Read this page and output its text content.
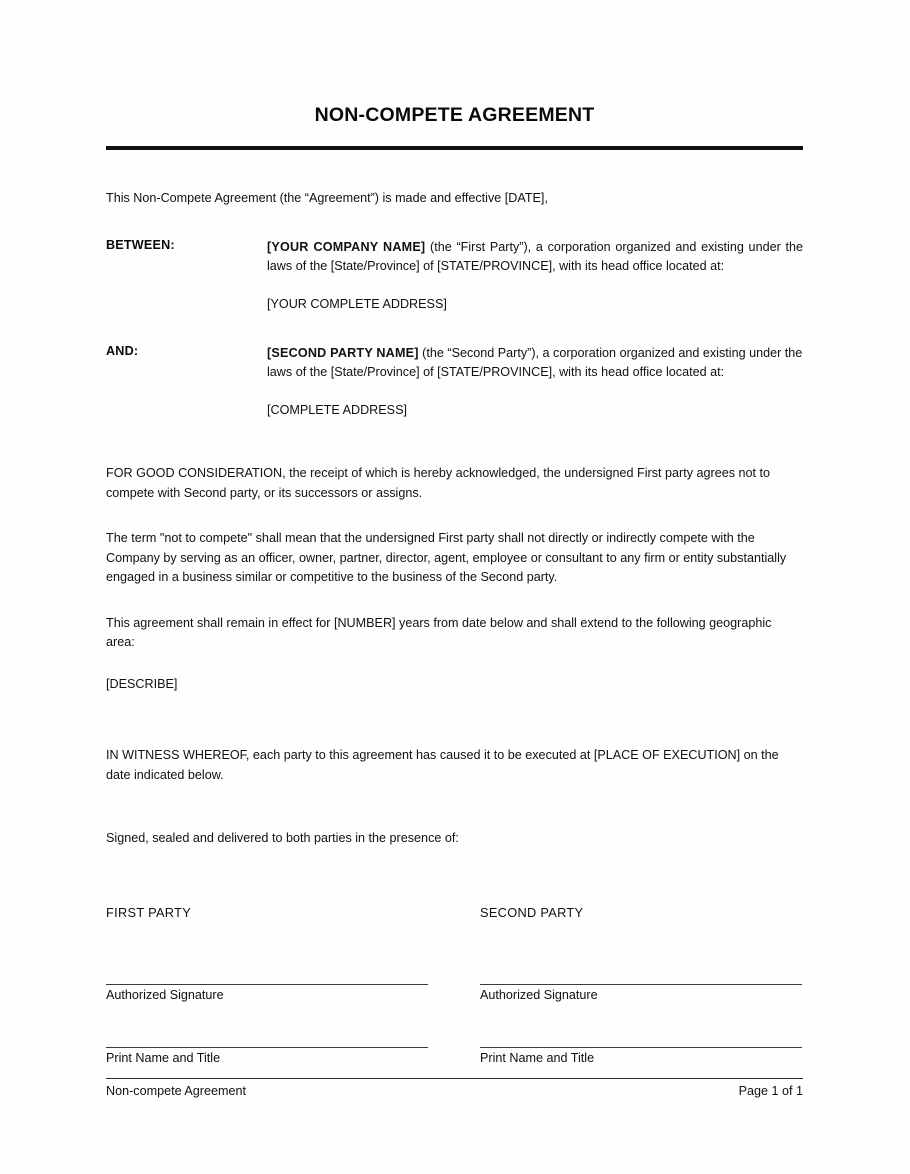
NON-COMPETE AGREEMENT

This Non-Compete Agreement (the “Agreement”) is made and effective [DATE],

BETWEEN:	[YOUR COMPANY NAME] (the “First Party”), a corporation organized and existing under the laws of the [State/Province] of [STATE/PROVINCE], with its head office located at:
[YOUR COMPLETE ADDRESS]
AND:	[SECOND PARTY NAME] (the “Second Party”), a corporation organized and existing under the laws of the [State/Province] of [STATE/PROVINCE], with its head office located at:
[COMPLETE ADDRESS]

FOR GOOD CONSIDERATION, the receipt of which is hereby acknowledged, the undersigned First party agrees not to compete with Second party, or its successors or assigns.

The term "not to compete" shall mean that the undersigned First party shall not directly or indirectly compete with the Company by serving as an officer, owner, partner, director, agent, employee or consultant to any firm or entity substantially engaged in a business similar or competitive to the business of the Second party.

This agreement shall remain in effect for [NUMBER] years from date below and shall extend to the following geographic area:

[DESCRIBE]

IN WITNESS WHEREOF, each party to this agreement has caused it to be executed at [PLACE OF EXECUTION] on the date indicated below.

Signed, sealed and delivered to both parties in the presence of:

FIRST PARTY	SECOND PARTY
Authorized Signature	Authorized Signature
Print Name and Title	Print Name and Title
Non-compete Agreement	Page 1 of 1
